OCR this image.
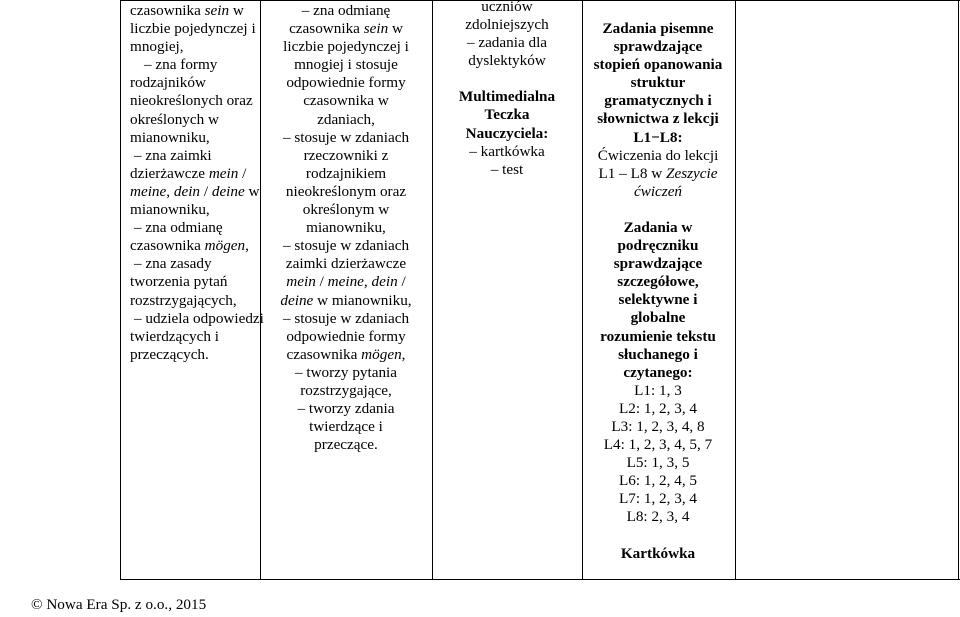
czasownika sein w
liczbie pojedynczej i
mnogiej,
– zna formy
rodzajników
nieokreślonych oraz
określonych w
mianowniku,
– zna zaimki
dzierżawcze mein /
meine, dein / deine w
mianowniku,
– zna odmianę
czasownika mögen,
– zna zasady
tworzenia pytań
rozstrzygających,
– udziela odpowiedzi
twierdzących i
przeczących.
– zna odmianę
czasownika sein w
liczbie pojedynczej i
mnogiej i stosuje
odpowiednie formy
czasownika w
zdaniach,
– stosuje w zdaniach
rzeczowniki z
rodzajnikiem
nieokreślonym oraz
określonym w
mianowniku,
– stosuje w zdaniach
zaimki dzierżawcze
mein / meine, dein /
deine w mianowniku,
– stosuje w zdaniach
odpowiednie formy
czasownika mögen,
– tworzy pytania
rozstrzygające,
– tworzy zdania
twierdzące i
przeczące.
uczniów
zdolniejszych
– zadania dla
dyslektyków
Multimedialna
Teczka
Nauczyciela:
– kartkówka
– test
Zadania pisemne
sprawdzające
stopień opanowania
struktur
gramatycznych i
słownictwa z lekcji
L1−L8:
Ćwiczenia do lekcji
L1 – L8 w Zeszycie
ćwiczeń
Zadania w
podręczniku
sprawdzające
szczegółowe,
selektywne i
globalne
rozumienie tekstu
słuchanego i
czytanego:
L1: 1, 3
L2: 1, 2, 3, 4
L3: 1, 2, 3, 4, 8
L4: 1, 2, 3, 4, 5, 7
L5: 1, 3, 5
L6: 1, 2, 4, 5
L7: 1, 2, 3, 4
L8: 2, 3, 4
Kartkówka
© Nowa Era Sp. z o.o., 2015
